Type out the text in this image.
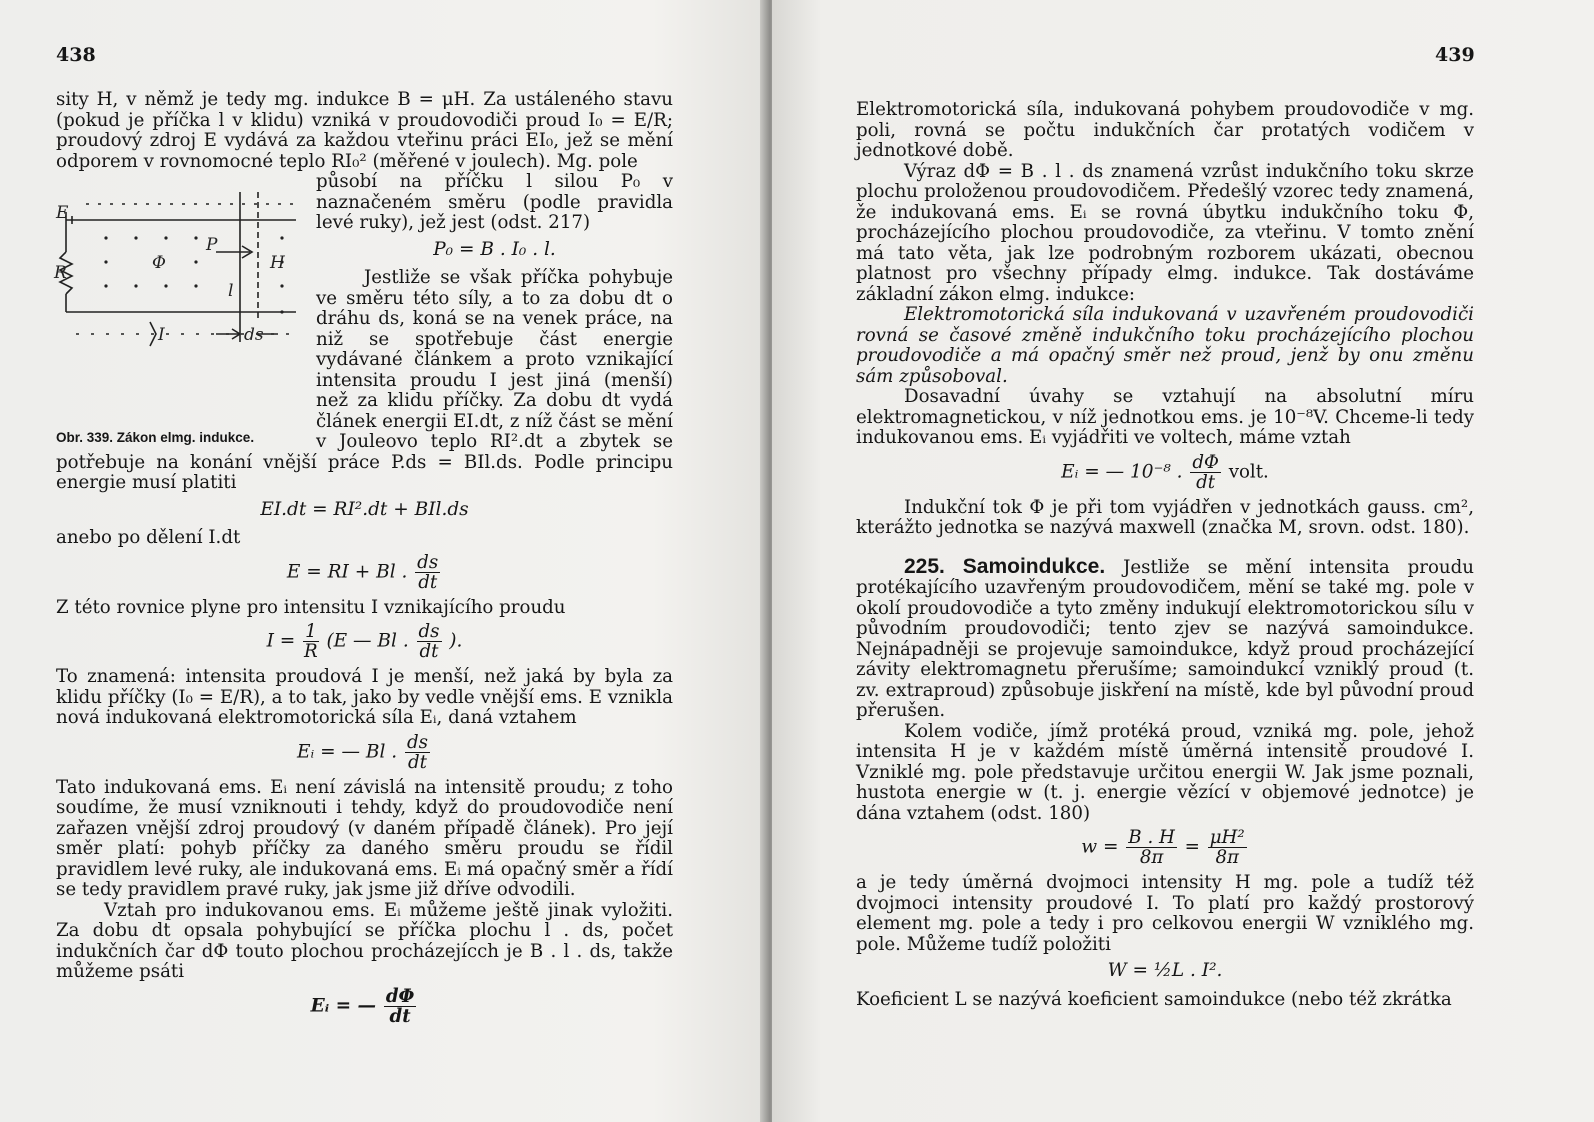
438

sity H, v němž je tedy mg. indukce B = μH. Za ustáleného stavu (pokud je příčka l v klidu) vzniká v proudovodiči proud I₀ = E/R; proudový zdroj E vydává za každou vteřinu práci EI₀, jež se mění odporem v rovnomocné teplo RI₀² (měřené v joulech). Mg. pole

E
R	Φ
P
l
H
I	ds
Obr. 339. Zákon elmg. indukce.

působí na příčku l silou P₀ v naznačeném směru (podle pravidla levé ruky), jež jest (odst. 217)

P₀ = B . I₀ . l.

Jestliže se však příčka pohybuje ve směru této síly, a to za dobu dt o dráhu ds, koná se na venek práce, na niž se spotřebuje část energie vydávané článkem a proto vznikající intensita proudu I jest jiná (menší) než za klidu příčky. Za dobu dt vydá článek energii EI.dt, z níž část se mění v Jouleovo teplo RI².dt a zbytek se potřebuje na konání vnější práce P.ds = BIl.ds. Podle principu energie musí platiti

EI.dt = RI².dt + BIl.ds

anebo po dělení I.dt

E = RI + Bl . $\frac{ds}{dt}$

Z této rovnice plyne pro intensitu I vznikajícího proudu

$I = \frac{1}{R} (E$ — Bl . $\frac{ds}{dt}$ ).

To znamená: intensita proudová I je menší, než jaká by byla za klidu příčky (I₀ = E/R), a to tak, jako by vedle vnější ems. E vznikla nová indukovaná elektromotorická síla Eᵢ, daná vztahem

Eᵢ = — Bl . $\frac{ds}{dt}$

Tato indukovaná ems. Eᵢ není závislá na intensitě proudu; z toho soudíme, že musí vzniknouti i tehdy, když do proudovodiče není zařazen vnější zdroj proudový (v daném případě článek). Pro její směr platí: pohyb příčky za daného směru proudu se řídil pravidlem levé ruky, ale indukovaná ems. Eᵢ má opačný směr a řídí se tedy pravidlem pravé ruky, jak jsme již dříve odvodili.

Vztah pro indukovanou ems. Eᵢ můžeme ještě jinak vyložiti. Za dobu dt opsala pohybující se příčka plochu l . ds, počet indukčních čar dΦ touto plochou procházejícch je B . l . ds, takže můžeme psáti

Eᵢ = — $\frac{d\Phi}{dt}$
439

Elektromotorická síla, indukovaná pohybem proudovodiče v mg. poli, rovná se počtu indukčních čar protatých vodičem v jednotkové době.

Výraz dΦ = B . l . ds znamená vzrůst indukčního toku skrze plochu proloženou proudovodičem. Předešlý vzorec tedy znamená, že indukovaná ems. Eᵢ se rovná úbytku indukčního toku Φ, procházejícího plochou proudovodiče, za vteřinu. V tomto znění má tato věta, jak lze podrobným rozborem ukázati, obecnou platnost pro všechny případy elmg. indukce. Tak dostáváme základní zákon elmg. indukce:

Elektromotorická síla indukovaná v uzavřeném proudovodiči rovná se časové změně indukčního toku procházejícího plochou proudovodiče a má opačný směr než proud, jenž by onu změnu sám způsoboval.

Dosavadní úvahy se vztahují na absolutní míru elektromagnetickou, v níž jednotkou ems. je 10⁻⁸V. Chceme-li tedy indukovanou ems. Eᵢ vyjádřiti ve voltech, máme vztah

Eᵢ = — 10⁻⁸ . $\frac{d\Phi}{dt}$ volt.

Indukční tok Φ je při tom vyjádřen v jednotkách gauss. cm², kterážto jednotka se nazývá maxwell (značka M, srovn. odst. 180).

225. Samoindukce. Jestliže se mění intensita proudu protékajícího uzavřeným proudovodičem, mění se také mg. pole v okolí proudovodiče a tyto změny indukují elektromotorickou sílu v původním proudovodiči; tento zjev se nazývá samoindukce. Nejnápadněji se projevuje samoindukce, když proud procházející závity elektromagnetu přerušíme; samoindukcí vzniklý proud (t. zv. extraproud) způsobuje jiskření na místě, kde byl původní proud přerušen.

Kolem vodiče, jímž protéká proud, vzniká mg. pole, jehož intensita H je v každém místě úměrná intensitě proudové I. Vzniklé mg. pole představuje určitou energii W. Jak jsme poznali, hustota energie w (t. j. energie vězící v objemové jednotce) je dána vztahem (odst. 180)

$w = \frac{B . H}{8\pi} = \frac{\text{μH²}}{8\pi}$

a je tedy úměrná dvojmoci intensity H mg. pole a tudíž též dvojmoci intensity proudové I. To platí pro každý prostorový element mg. pole a tedy i pro celkovou energii W vzniklého mg. pole. Můžeme tudíž položiti

W = ½L . I².

Koeficient L se nazývá koeficient samoindukce (nebo též zkrátka
